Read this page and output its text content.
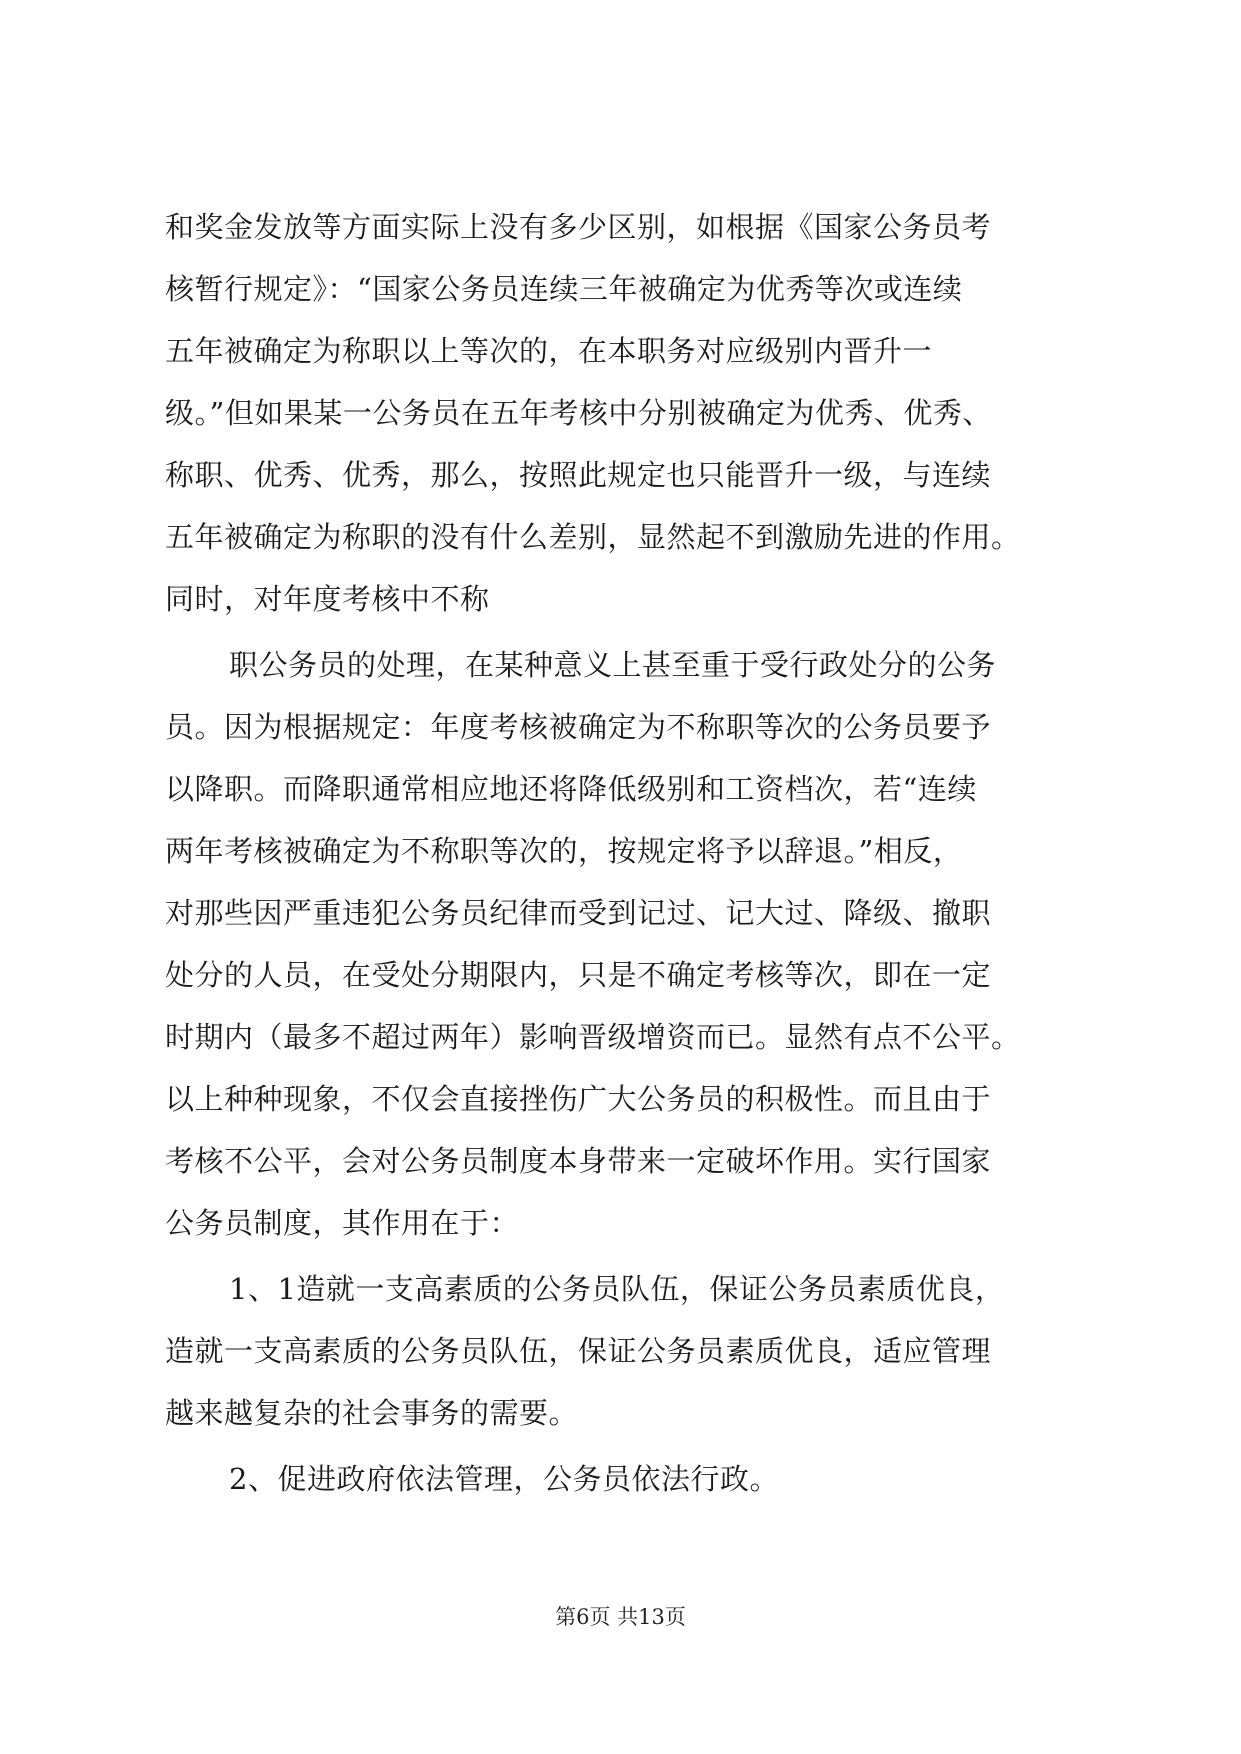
和奖金发放等方面实际上没有多少区别，如根据《国家公务员考
核暂行规定》：“国家公务员连续三年被确定为优秀等次或连续
五年被确定为称职以上等次的，在本职务对应级别内晋升一
级。”但如果某一公务员在五年考核中分别被确定为优秀、优秀、
称职、优秀、优秀，那么，按照此规定也只能晋升一级，与连续
五年被确定为称职的没有什么差别，显然起不到激励先进的作用。
同时，对年度考核中不称
职公务员的处理，在某种意义上甚至重于受行政处分的公务
员。因为根据规定：年度考核被确定为不称职等次的公务员要予
以降职。而降职通常相应地还将降低级别和工资档次，若“连续
两年考核被确定为不称职等次的，按规定将予以辞退。”相反，
对那些因严重违犯公务员纪律而受到记过、记大过、降级、撤职
处分的人员，在受处分期限内，只是不确定考核等次，即在一定
时期内（最多不超过两年）影响晋级增资而已。显然有点不公平。
以上种种现象，不仅会直接挫伤广大公务员的积极性。而且由于
考核不公平，会对公务员制度本身带来一定破坏作用。实行国家
公务员制度，其作用在于：
1、1造就一支高素质的公务员队伍，保证公务员素质优良，
造就一支高素质的公务员队伍，保证公务员素质优良，适应管理
越来越复杂的社会事务的需要。
2、促进政府依法管理，公务员依法行政。
第6页 共13页
